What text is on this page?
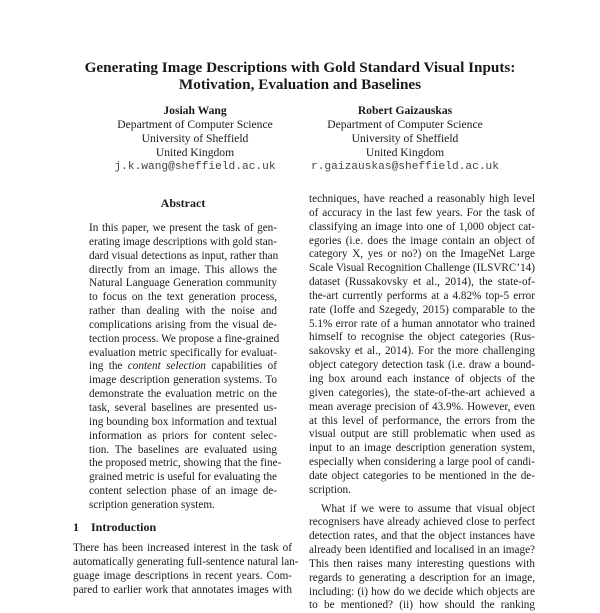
Generating Image Descriptions with Gold Standard Visual Inputs:
Motivation, Evaluation and Baselines
Josiah Wang
Department of Computer Science
University of Sheffield
United Kingdom
j.k.wang@sheffield.ac.uk
Robert Gaizauskas
Department of Computer Science
University of Sheffield
United Kingdom
r.gaizauskas@sheffield.ac.uk
Abstract
In this paper, we present the task of gen-
erating image descriptions with gold stan-
dard visual detections as input, rather than
directly from an image. This allows the
Natural Language Generation community
to focus on the text generation process,
rather than dealing with the noise and
complications arising from the visual de-
tection process. We propose a fine-grained
evaluation metric specifically for evaluat-
ing the content selection capabilities of
image description generation systems. To
demonstrate the evaluation metric on the
task, several baselines are presented us-
ing bounding box information and textual
information as priors for content selec-
tion. The baselines are evaluated using
the proposed metric, showing that the fine-
grained metric is useful for evaluating the
content selection phase of an image de-
scription generation system.
1 Introduction
There has been increased interest in the task of
automatically generating full-sentence natural lan-
guage image descriptions in recent years. Com-
pared to earlier work that annotates images with
techniques, have reached a reasonably high level
of accuracy in the last few years. For the task of
classifying an image into one of 1,000 object cat-
egories (i.e. does the image contain an object of
category X, yes or no?) on the ImageNet Large
Scale Visual Recognition Challenge (ILSVRC’14)
dataset (Russakovsky et al., 2014), the state-of-
the-art currently performs at a 4.82% top-5 error
rate (Ioffe and Szegedy, 2015) comparable to the
5.1% error rate of a human annotator who trained
himself to recognise the object categories (Rus-
sakovsky et al., 2014). For the more challenging
object category detection task (i.e. draw a bound-
ing box around each instance of objects of the
given categories), the state-of-the-art achieved a
mean average precision of 43.9%. However, even
at this level of performance, the errors from the
visual output are still problematic when used as
input to an image description generation system,
especially when considering a large pool of candi-
date object categories to be mentioned in the de-
scription.
What if we were to assume that visual object
recognisers have already achieved close to perfect
detection rates, and that the object instances have
already been identified and localised in an image?
This then raises many interesting questions with
regards to generating a description for an image,
including: (i) how do we decide which objects are
to be mentioned? (ii) how should the ranking
